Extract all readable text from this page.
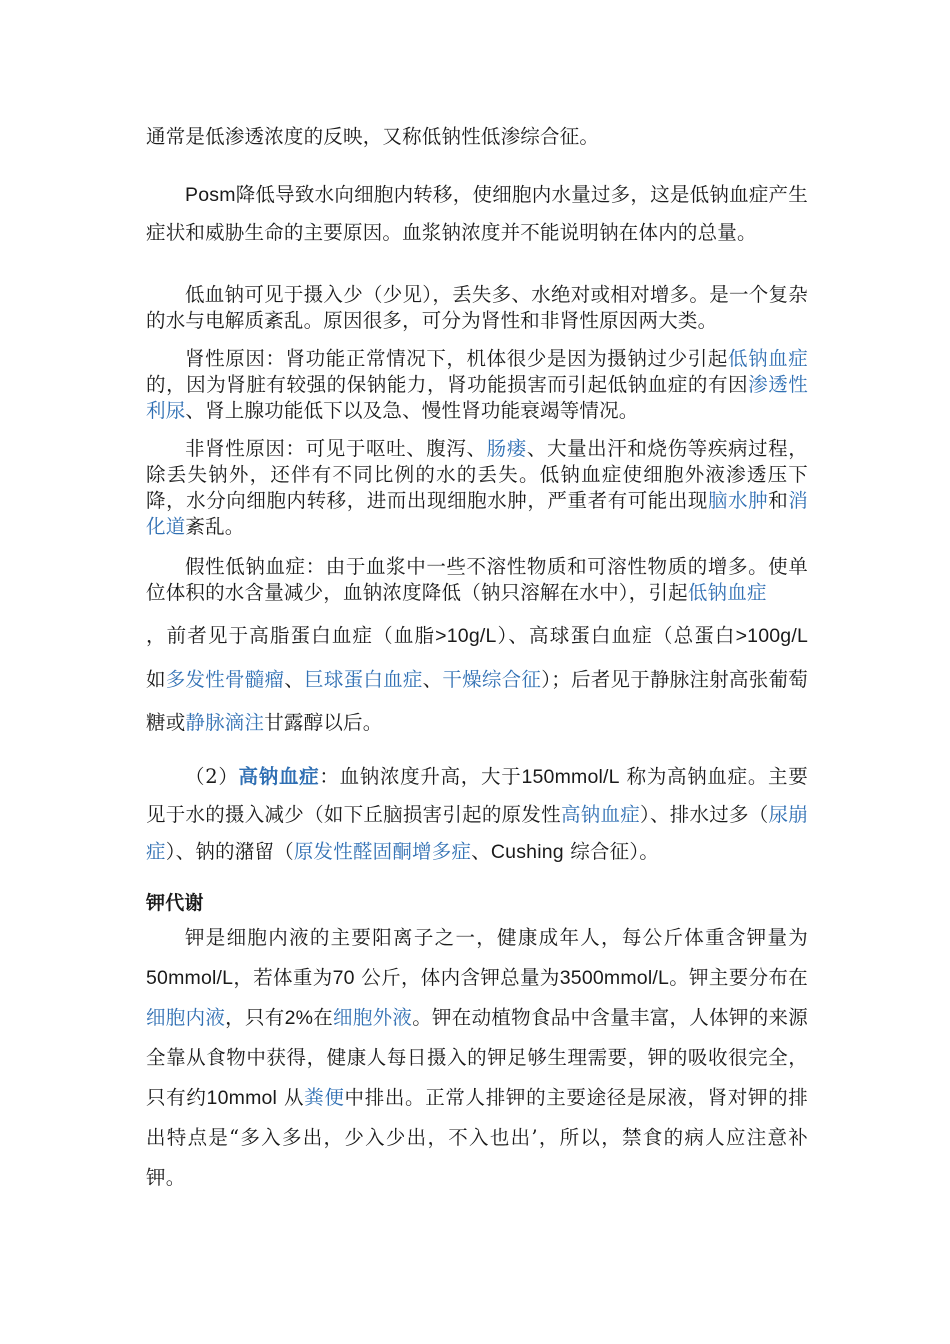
通常是低渗透浓度的反映，又称低钠性低渗综合征。

Posm降低导致水向细胞内转移，使细胞内水量过多，这是低钠血症产生症状和威胁生命的主要原因。血浆钠浓度并不能说明钠在体内的总量。

低血钠可见于摄入少（少见），丢失多、水绝对或相对增多。是一个复杂的水与电解质紊乱。原因很多，可分为肾性和非肾性原因两大类。

肾性原因：肾功能正常情况下，机体很少是因为摄钠过少引起低钠血症的，因为肾脏有较强的保钠能力，肾功能损害而引起低钠血症的有因渗透性利尿、肾上腺功能低下以及急、慢性肾功能衰竭等情况。

非肾性原因：可见于呕吐、腹泻、肠瘘、大量出汗和烧伤等疾病过程，除丢失钠外，还伴有不同比例的水的丢失。低钠血症使细胞外液渗透压下降，水分向细胞内转移，进而出现细胞水肿，严重者有可能出现脑水肿和消化道紊乱。

假性低钠血症：由于血浆中一些不溶性物质和可溶性物质的增多。使单位体积的水含量减少，血钠浓度降低（钠只溶解在水中），引起低钠血症

，前者见于高脂蛋白血症（血脂>10g/L）、高球蛋白血症（总蛋白>100g/L 如多发性骨髓瘤、巨球蛋白血症、干燥综合征）；后者见于静脉注射高张葡萄糖或静脉滴注甘露醇以后。

（2）高钠血症：血钠浓度升高，大于150mmol/L 称为高钠血症。主要见于水的摄入减少（如下丘脑损害引起的原发性高钠血症）、排水过多（尿崩症）、钠的潴留（原发性醛固酮增多症、Cushing 综合征）。

钾代谢

钾是细胞内液的主要阳离子之一，健康成年人，每公斤体重含钾量为50mmol/L，若体重为70 公斤，体内含钾总量为3500mmol/L。钾主要分布在细胞内液，只有2%在细胞外液。钾在动植物食品中含量丰富，人体钾的来源全靠从食物中获得，健康人每日摄入的钾足够生理需要，钾的吸收很完全，只有约10mmol 从粪便中排出。正常人排钾的主要途径是尿液，肾对钾的排出特点是“多入多出，少入少出，不入也出’，所以，禁食的病人应注意补钾。
